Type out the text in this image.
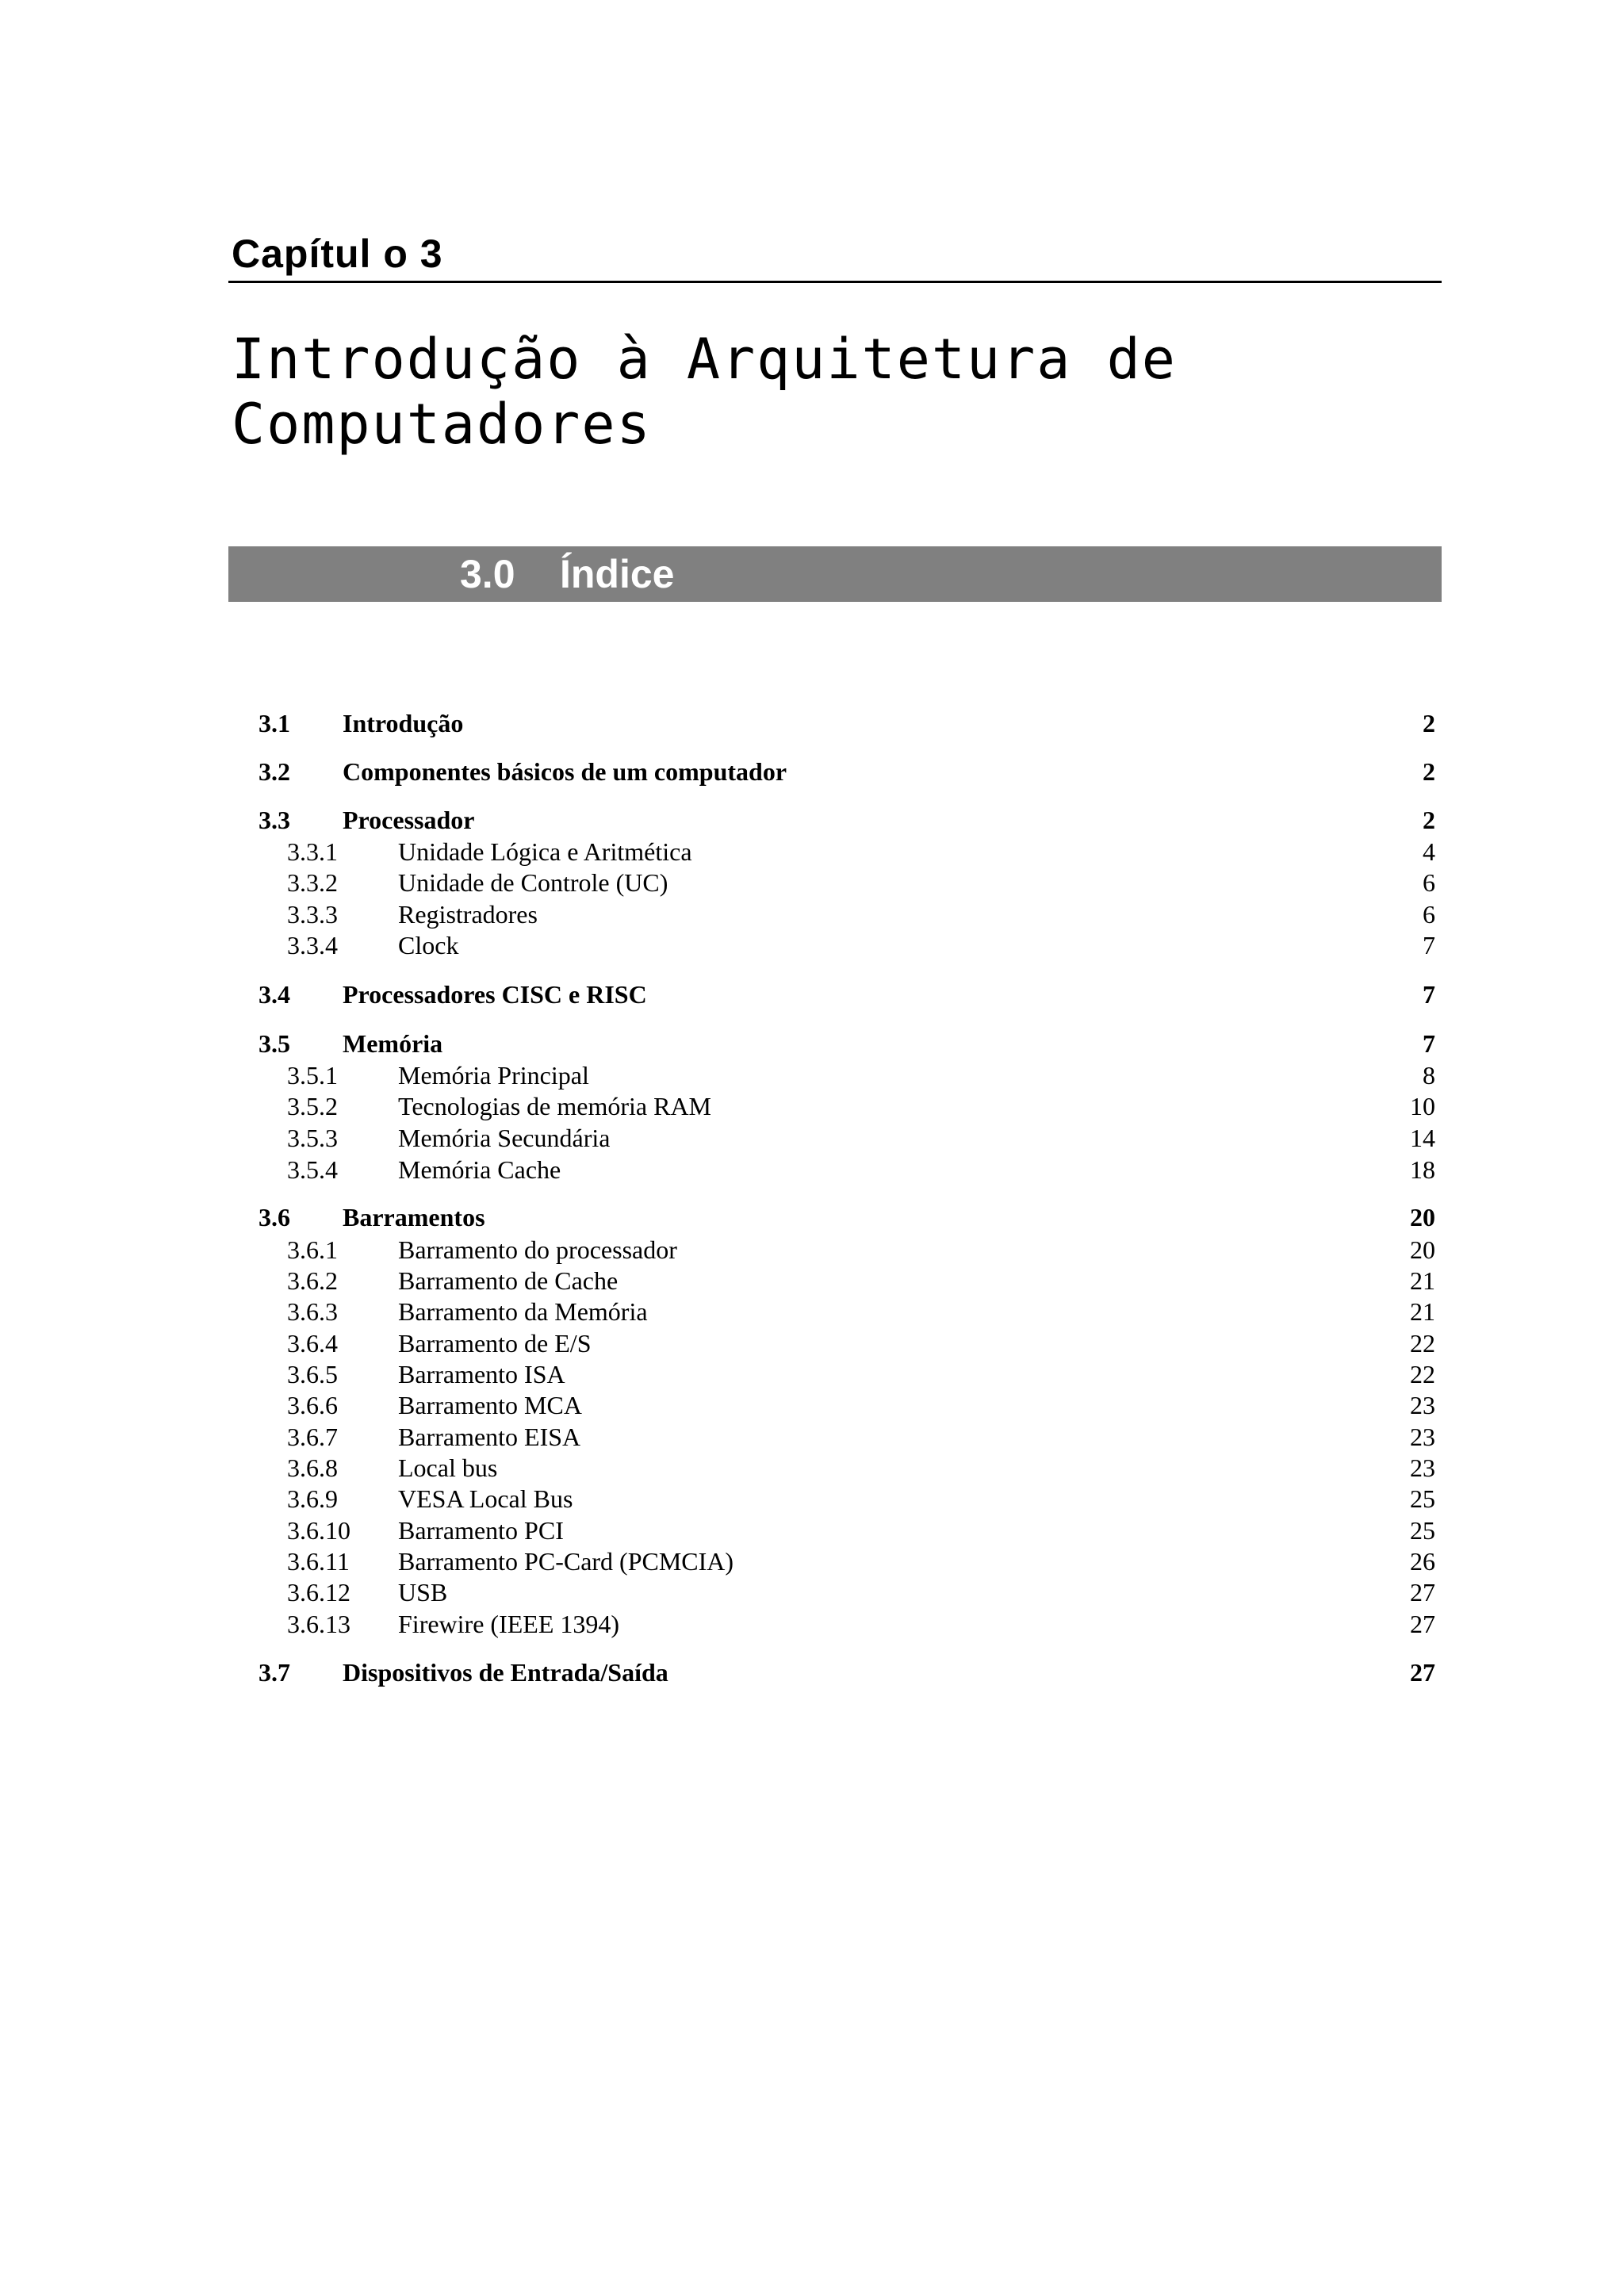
Capítul o 3
Introdução à Arquitetura de Computadores
3.0 Índice
3.1 Introdução	2
3.2 Componentes básicos de um computador	2
3.3 Processador	2
3.3.1 Unidade Lógica e Aritmética	4
3.3.2 Unidade de Controle (UC)	6
3.3.3 Registradores	6
3.3.4 Clock	7
3.4 Processadores CISC e RISC	7
3.5 Memória	7
3.5.1 Memória Principal	8
3.5.2 Tecnologias de memória RAM	10
3.5.3 Memória Secundária	14
3.5.4 Memória Cache	18
3.6 Barramentos	20
3.6.1 Barramento do processador	20
3.6.2 Barramento de Cache	21
3.6.3 Barramento da Memória	21
3.6.4 Barramento de E/S	22
3.6.5 Barramento ISA	22
3.6.6 Barramento MCA	23
3.6.7 Barramento EISA	23
3.6.8 Local bus	23
3.6.9 VESA Local Bus	25
3.6.10 Barramento PCI	25
3.6.11 Barramento PC-Card (PCMCIA)	26
3.6.12 USB	27
3.6.13 Firewire (IEEE 1394)	27
3.7 Dispositivos de Entrada/Saída	27
